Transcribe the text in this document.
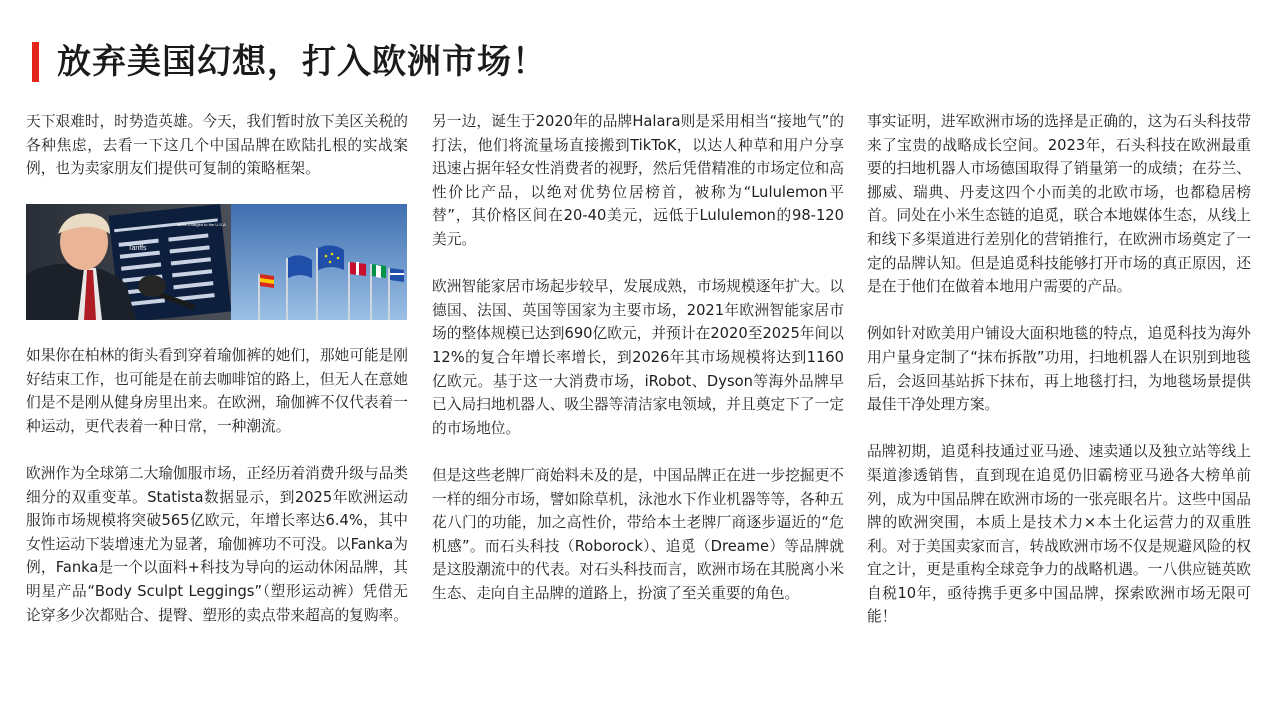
放弃美国幻想，打入欧洲市场！

天下艰难时，时势造英雄。今天，我们暂时放下美区关税的各种焦虑，去看一下这几个中国品牌在欧陆扎根的实战案例，也为卖家朋友们提供可复制的策略框架。

Tariffs
Tariffs Charged to the U.S.A.

如果你在柏林的街头看到穿着瑜伽裤的她们，那她可能是刚好结束工作，也可能是在前去咖啡馆的路上，但无人在意她们是不是刚从健身房里出来。在欧洲，瑜伽裤不仅代表着一种运动，更代表着一种日常，一种潮流。

欧洲作为全球第二大瑜伽服市场，正经历着消费升级与品类细分的双重变革。Statista数据显示，到2025年欧洲运动服饰市场规模将突破565亿欧元，年增长率达6.4%，其中女性运动下装增速尤为显著，瑜伽裤功不可没。以Fanka为例，Fanka是一个以面料+科技为导向的运动休闲品牌，其明星产品“Body Sculpt Leggings”（塑形运动裤）凭借无论穿多少次都贴合、提臀、塑形的卖点带来超高的复购率。

另一边，诞生于2020年的品牌Halara则是采用相当“接地气”的打法，他们将流量场直接搬到TikToK，以达人种草和用户分享迅速占据年轻女性消费者的视野，然后凭借精准的市场定位和高性价比产品，以绝对优势位居榜首，被称为“Lululemon平替”，其价格区间在20-40美元，远低于Lululemon的98-120美元。

欧洲智能家居市场起步较早，发展成熟，市场规模逐年扩大。以德国、法国、英国等国家为主要市场，2021年欧洲智能家居市场的整体规模已达到690亿欧元，并预计在2020至2025年间以12%的复合年增长率增长，到2026年其市场规模将达到1160亿欧元。基于这一大消费市场，iRobot、Dyson等海外品牌早已入局扫地机器人、吸尘器等清洁家电领域，并且奠定下了一定的市场地位。

但是这些老牌厂商始料未及的是，中国品牌正在进一步挖掘更不一样的细分市场，譬如除草机，泳池水下作业机器等等，各种五花八门的功能，加之高性价，带给本土老牌厂商逐步逼近的“危机感”。而石头科技（Roborock）、追觅（Dreame）等品牌就是这股潮流中的代表。对石头科技而言，欧洲市场在其脱离小米生态、走向自主品牌的道路上，扮演了至关重要的角色。

事实证明，进军欧洲市场的选择是正确的，这为石头科技带来了宝贵的战略成长空间。2023年，石头科技在欧洲最重要的扫地机器人市场德国取得了销量第一的成绩；在芬兰、挪威、瑞典、丹麦这四个小而美的北欧市场，也都稳居榜首。同处在小米生态链的追觅，联合本地媒体生态，从线上和线下多渠道进行差别化的营销推行，在欧洲市场奠定了一定的品牌认知。但是追觅科技能够打开市场的真正原因，还是在于他们在做着本地用户需要的产品。

例如针对欧美用户铺设大面积地毯的特点，追觅科技为海外用户量身定制了“抹布拆散”功用，扫地机器人在识别到地毯后，会返回基站拆下抹布，再上地毯打扫，为地毯场景提供最佳干净处理方案。

品牌初期，追觅科技通过亚马逊、速卖通以及独立站等线上渠道渗透销售，直到现在追觅仍旧霸榜亚马逊各大榜单前列，成为中国品牌在欧洲市场的一张亮眼名片。这些中国品牌的欧洲突围，本质上是技术力×本土化运营力的双重胜利。对于美国卖家而言，转战欧洲市场不仅是规避风险的权宜之计，更是重构全球竞争力的战略机遇。一八供应链英欧自税10年，亟待携手更多中国品牌，探索欧洲市场无限可能！
